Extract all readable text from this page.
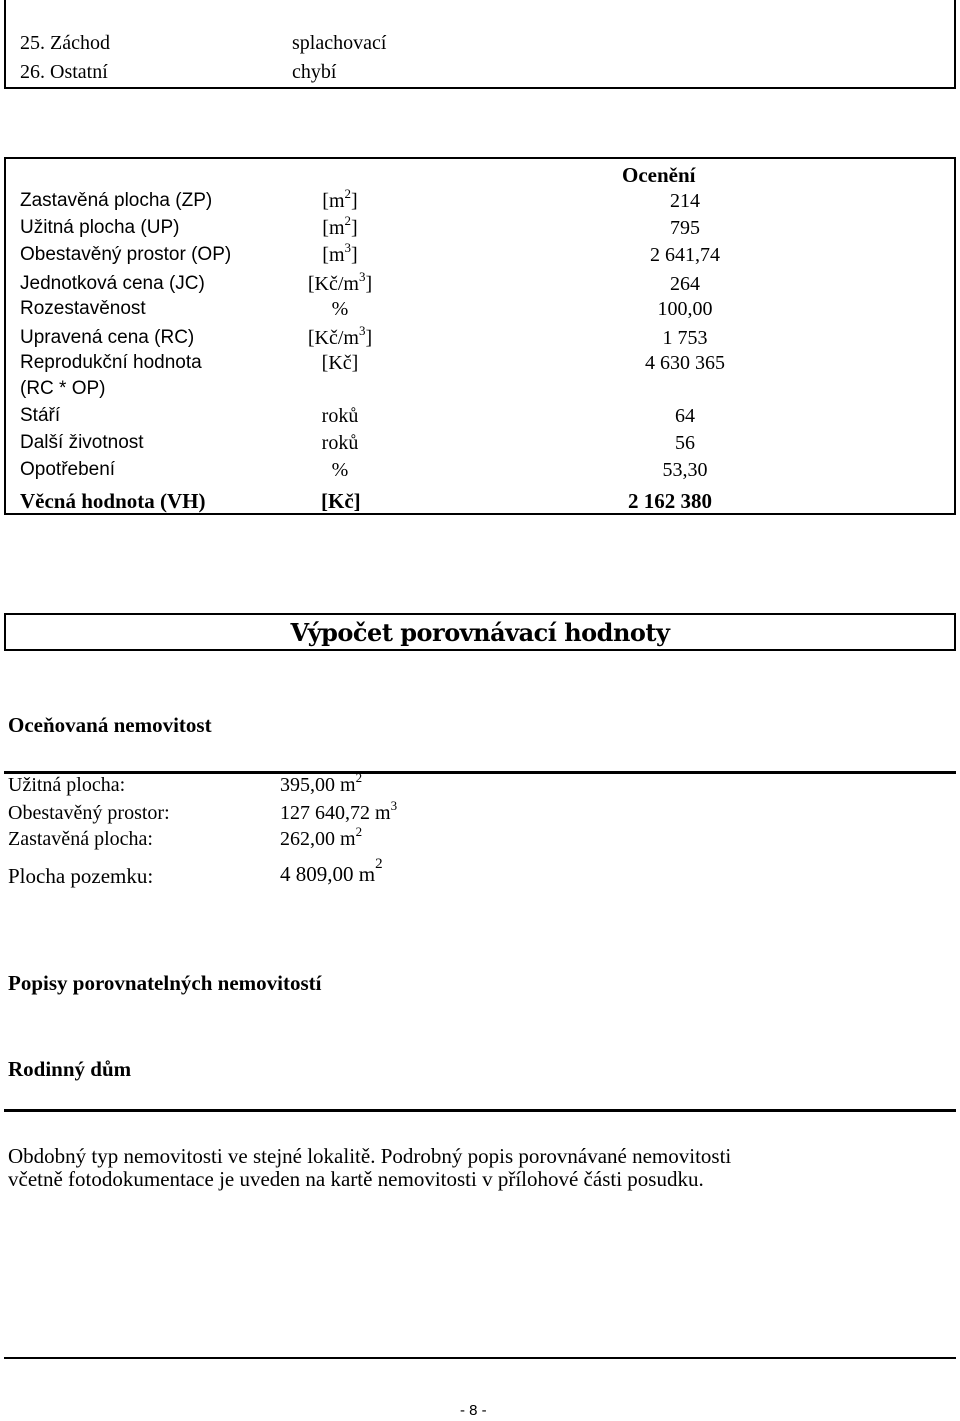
25. Záchod	splachovací
26. Ostatní	chybí
Ocenění
Zastavěná plocha (ZP)	$[m^2]$	214
Užitná plocha (UP)	$[m^2]$	795
Obestavěný prostor (OP)	$[m^3]$	2 641,74
Jednotková cena (JC)	$[Kč/m^3]$	264
Rozestavěnost	%	100,00
Upravená cena (RC)	$[Kč/m^3]$	1 753
Reprodukční hodnota
(RC * OP)
[Kč]	4 630 365
Stáří	roků	64
Další životnost	roků	56
Opotřebení	%	53,30
Věcná hodnota (VH)	[Kč]	2 162 380
Výpočet porovnávací hodnoty
Oceňovaná nemovitost
Užitná plocha:	395,00 $m^2$
Obestavěný prostor:	127 640,72 $m^3$
Zastavěná plocha:	262,00 $m^2$
Plocha pozemku:	4 809,00 $m^2$
Popisy porovnatelných nemovitostí
Rodinný dům
Obdobný typ nemovitosti ve stejné lokalitě. Podrobný popis porovnávané nemovitosti
včetně fotodokumentace je uveden na kartě nemovitosti v přílohové části posudku.
- 8 -
